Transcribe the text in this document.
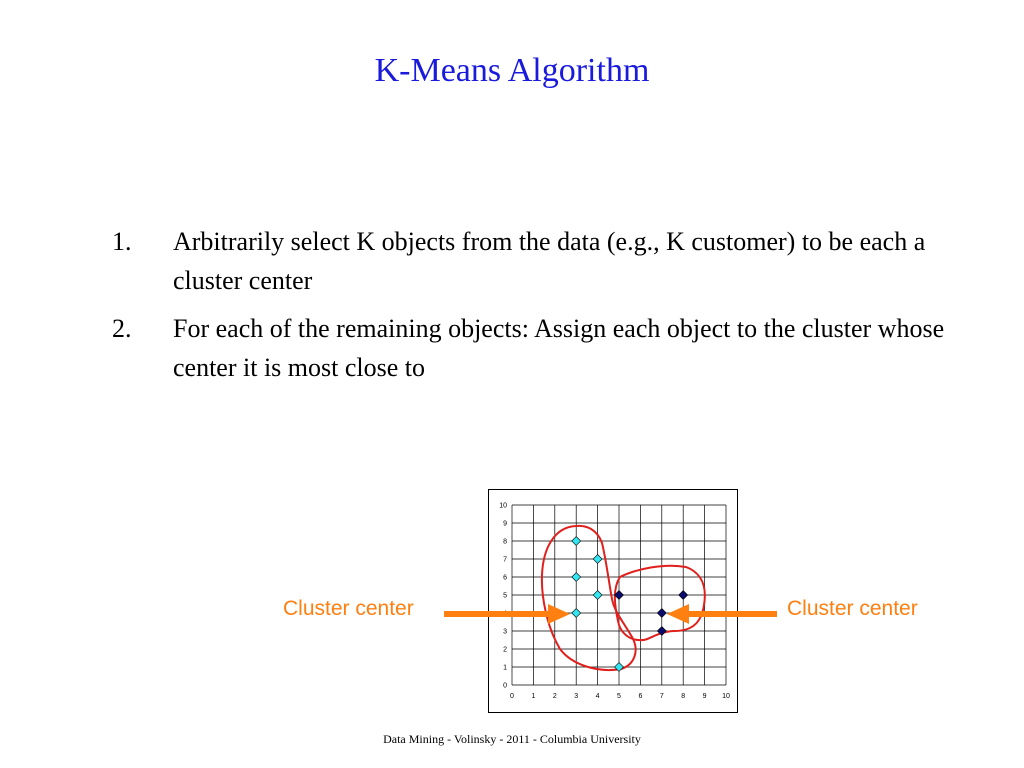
K-Means Algorithm
1.	Arbitrarily select K objects from the data (e.g., K customer) to be each a cluster center
2.	For each of the remaining objects: Assign each object to the cluster whose center it is most close to
0 1 2 3 4 5 6 7 8 9 10
0
1
2
3
4
5
6
7
8
9
10
Cluster center	Cluster center
Data Mining - Volinsky - 2011 - Columbia University
